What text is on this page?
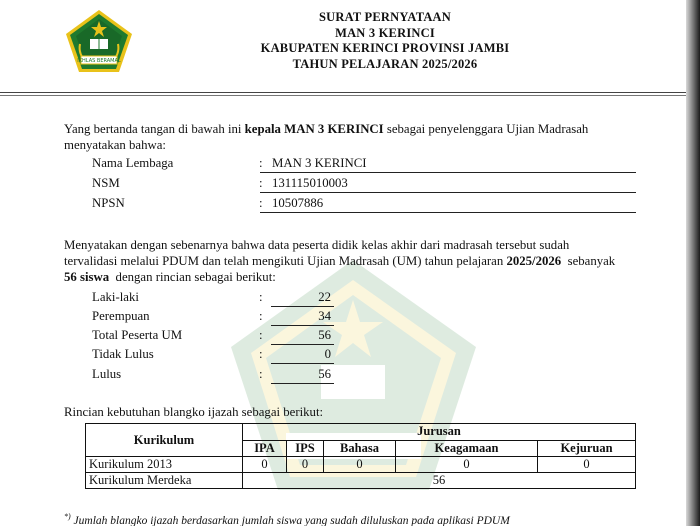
IKHLAS BERAMAL
SURAT PERNYATAAN
MAN 3 KERINCI
KABUPATEN KERINCI PROVINSI JAMBI
TAHUN PELAJARAN 2025/2026
Yang bertanda tangan di bawah ini kepala MAN 3 KERINCI sebagai penyelenggara Ujian Madrasah
menyatakan bahwa:
Nama Lembaga	: MAN 3 KERINCI
NSM	: 131115010003
NPSN	: 10507886
Menyatakan dengan sebenarnya bahwa data peserta didik kelas akhir dari madrasah tersebut sudah
tervalidasi melalui PDUM dan telah mengikuti Ujian Madrasah (UM) tahun pelajaran 2025/2026  sebanyak
56 siswa  dengan rincian sebagai berikut:
Laki-laki	:	22
Perempuan	:	34
Total Peserta UM	:	56
Tidak Lulus	:	0
Lulus	:	56
Rincian kebutuhan blangko ijazah sebagai berikut:
Kurikulum	Jurusan				
	IPA	IPS	Bahasa	Keagamaan	Kejuruan
Kurikulum 2013	0	0	0	0	0
Kurikulum Merdeka	56				
*) Jumlah blangko ijazah berdasarkan jumlah siswa yang sudah diluluskan pada aplikasi PDUM
